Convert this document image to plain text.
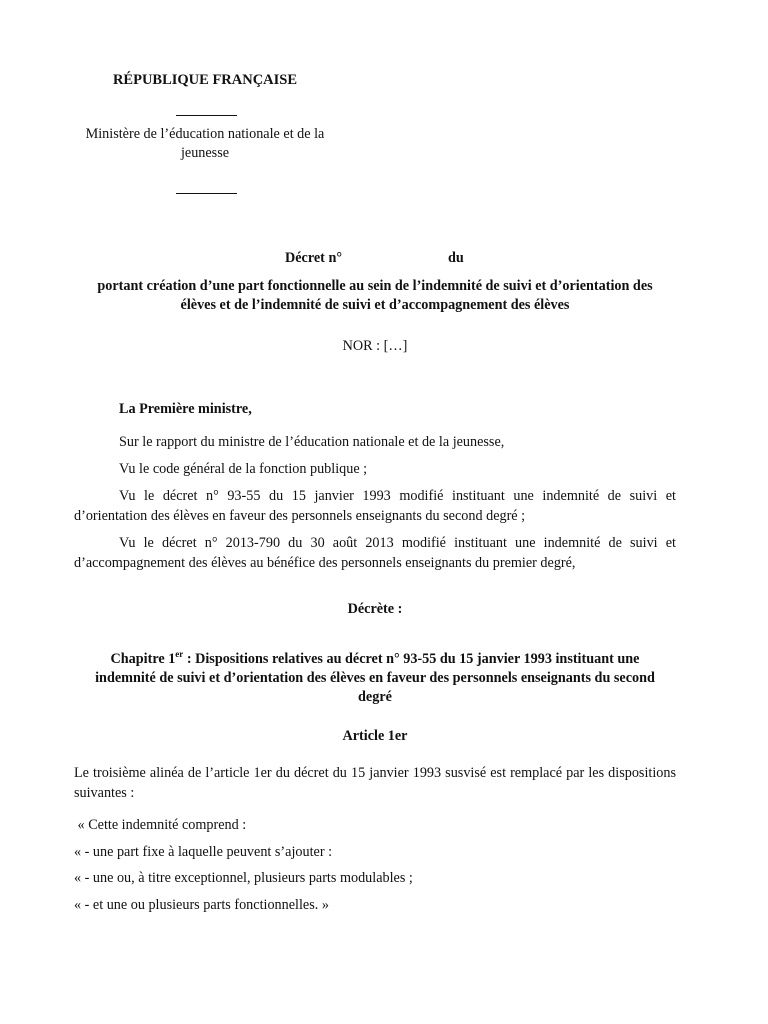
RÉPUBLIQUE FRANÇAISE
Ministère de l’éducation nationale et de la jeunesse
Décret n°	du
portant création d’une part fonctionnelle au sein de l’indemnité de suivi et d’orientation des élèves et de l’indemnité de suivi et d’accompagnement des élèves
NOR : […]
La Première ministre,
Sur le rapport du ministre de l’éducation nationale et de la jeunesse,
Vu le code général de la fonction publique ;
Vu le décret n° 93-55 du 15 janvier 1993 modifié instituant une indemnité de suivi et d’orientation des élèves en faveur des personnels enseignants du second degré ;
Vu le décret n° 2013-790 du 30 août 2013 modifié instituant une indemnité de suivi et d’accompagnement des élèves au bénéfice des personnels enseignants du premier degré,
Décrète :
Chapitre 1er : Dispositions relatives au décret n° 93-55 du 15 janvier 1993 instituant une indemnité de suivi et d’orientation des élèves en faveur des personnels enseignants du second degré
Article 1er
Le troisième alinéa de l’article 1er du décret du 15 janvier 1993 susvisé est remplacé par les dispositions suivantes :
« Cette indemnité comprend :
« - une part fixe à laquelle peuvent s’ajouter :
« - une ou, à titre exceptionnel, plusieurs parts modulables ;
« - et une ou plusieurs parts fonctionnelles. »
